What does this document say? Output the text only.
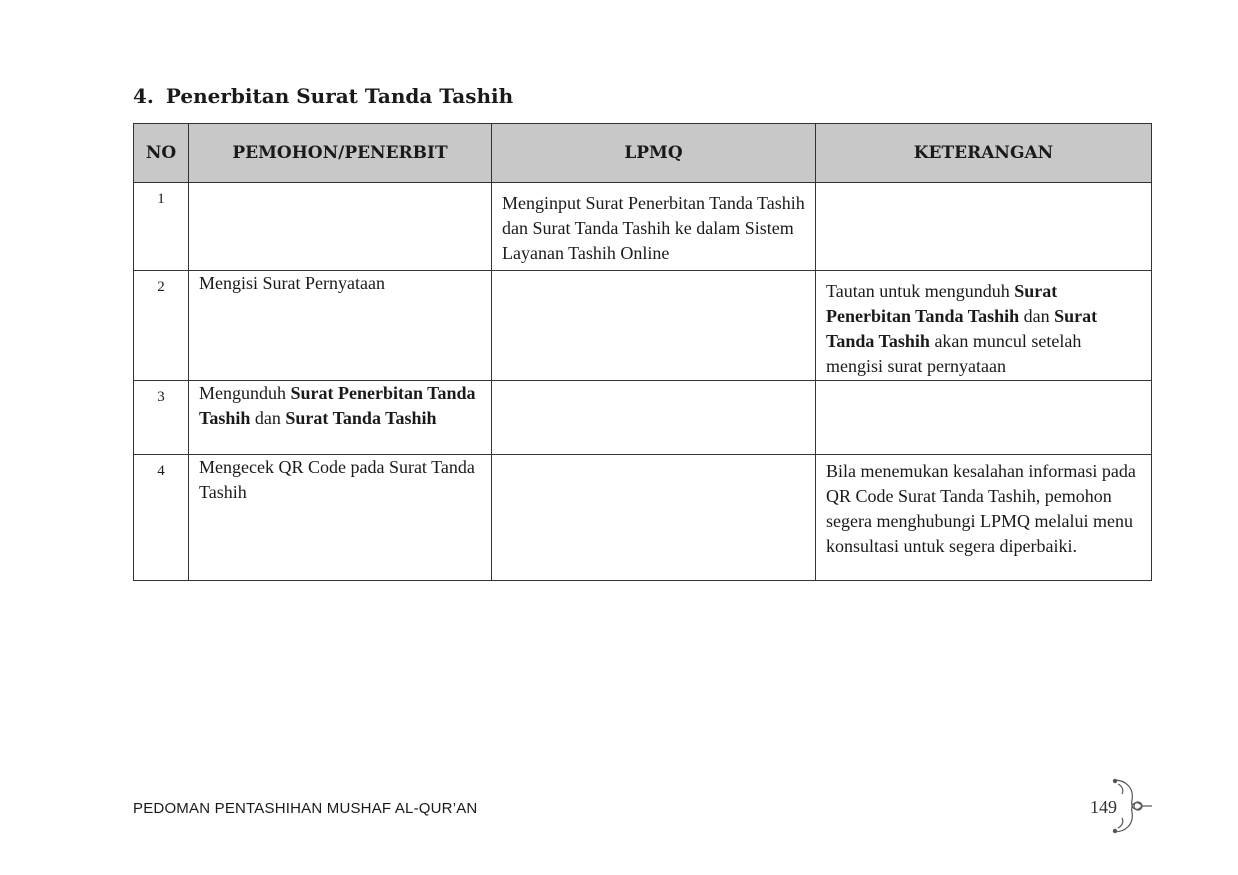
4. Penerbitan Surat Tanda Tashih
NO	PEMOHON/PENERBIT	LPMQ	KETERANGAN

1		Menginput Surat Penerbitan Tanda Tashih dan Surat Tanda Tashih ke dalam Sistem Layanan Tashih Online	

2	Mengisi Surat Pernyataan		Tautan untuk mengunduh Surat Penerbitan Tanda Tashih dan Surat Tanda Tashih akan muncul setelah mengisi surat pernyataan

3	Mengunduh Surat Penerbitan Tanda Tashih dan Surat Tanda Tashih		

4	Mengecek QR Code pada Surat Tanda Tashih		Bila menemukan kesalahan informasi pada QR Code Surat Tanda Tashih, pemohon segera menghubungi LPMQ melalui menu konsultasi untuk segera diperbaiki.
PEDOMAN PENTASHIHAN MUSHAF AL-QUR’AN	149
